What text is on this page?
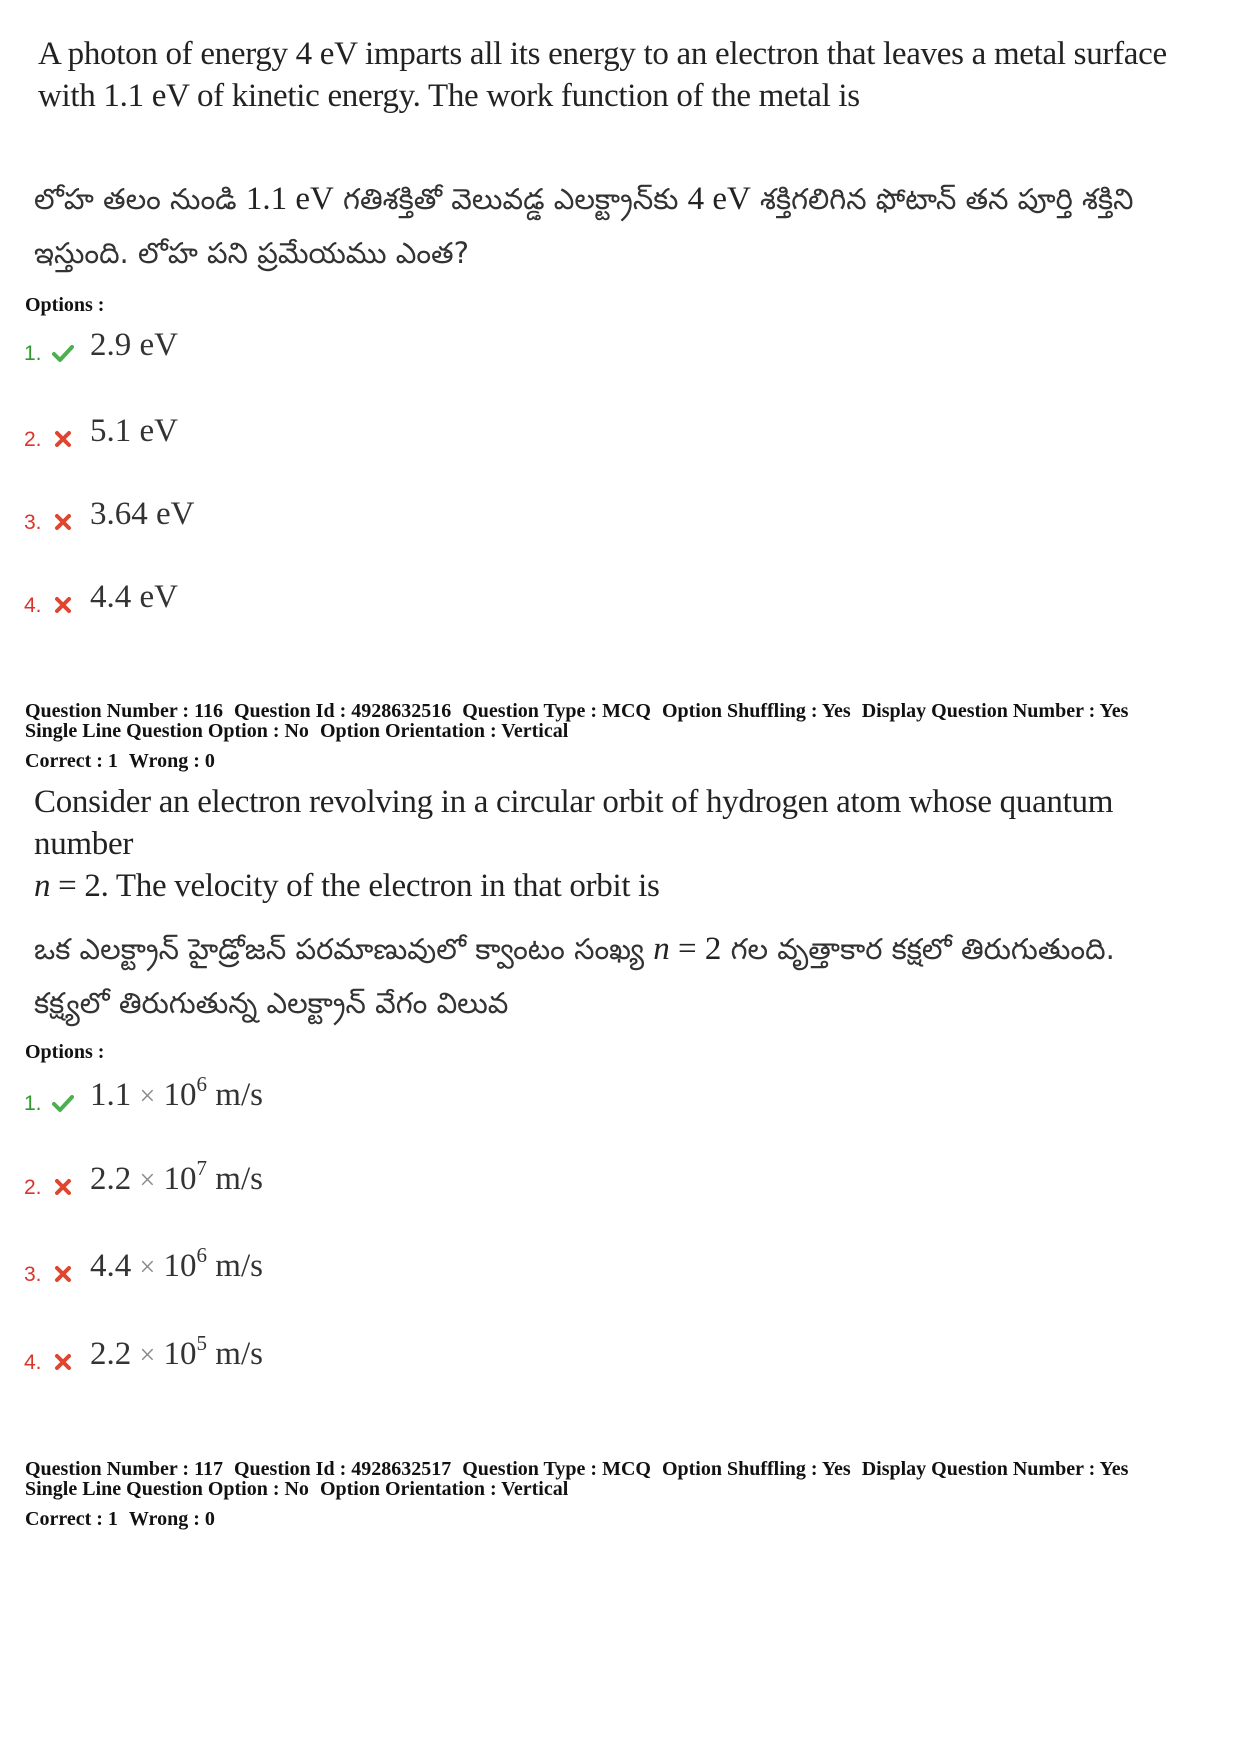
A photon of energy 4 eV imparts all its energy to an electron that leaves a metal surface with 1.1 eV of kinetic energy. The work function of the metal is
లోహ తలం నుండి 1.1 eV గతిశక్తితో వెలువడ్డ ఎలక్ట్రాన్‌కు 4 eV శక్తిగలిగిన ఫోటాన్ తన పూర్తి శక్తిని
ఇస్తుంది. లోహ పని ప్రమేయము ఎంత?
Options :
1. 2.9 eV
2. 5.1 eV
3. 3.64 eV
4. 4.4 eV
Question Number : 116 Question Id : 4928632516 Question Type : MCQ Option Shuffling : Yes Display Question Number : Yes
Single Line Question Option : No Option Orientation : Vertical
Correct : 1 Wrong : 0
Consider an electron revolving in a circular orbit of hydrogen atom whose quantum number
n = 2. The velocity of the electron in that orbit is
ఒక ఎలక్ట్రాన్ హైడ్రోజన్ పరమాణువులో క్వాంటం సంఖ్య n = 2 గల వృత్తాకార కక్షలో తిరుగుతుంది.
కక్ష్యలో తిరుగుతున్న ఎలక్ట్రాన్ వేగం విలువ
Options :
1. $1.1 \times 10^6$ m/s
2. $2.2 \times 10^7$ m/s
3. $4.4 \times 10^6$ m/s
4. $2.2 \times 10^5$ m/s
Question Number : 117 Question Id : 4928632517 Question Type : MCQ Option Shuffling : Yes Display Question Number : Yes
Single Line Question Option : No Option Orientation : Vertical
Correct : 1 Wrong : 0
